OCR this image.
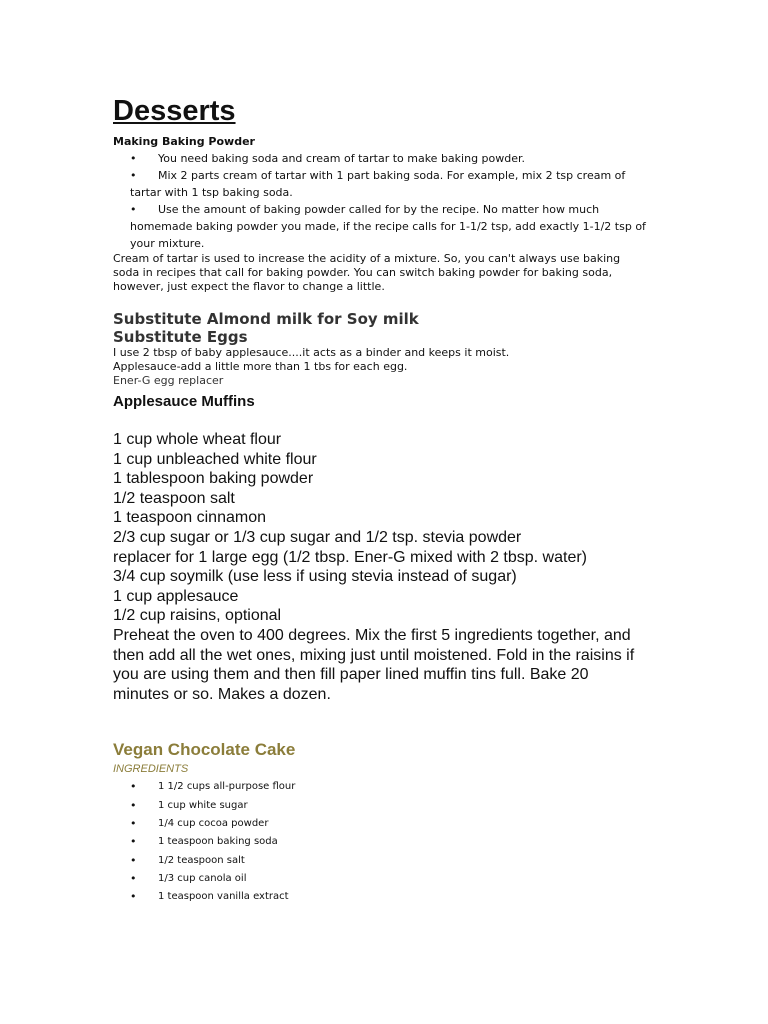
Desserts
Making Baking Powder
• You need baking soda and cream of tartar to make baking powder.
• Mix 2 parts cream of tartar with 1 part baking soda. For example, mix 2 tsp cream of tartar with 1 tsp baking soda.
• Use the amount of baking powder called for by the recipe. No matter how much homemade baking powder you made, if the recipe calls for 1-1/2 tsp, add exactly 1-1/2 tsp of your mixture.
Cream of tartar is used to increase the acidity of a mixture. So, you can't always use baking soda in recipes that call for baking powder. You can switch baking powder for baking soda, however, just expect the flavor to change a little.
Substitute Almond milk for Soy milk
Substitute Eggs
I use 2 tbsp of baby applesauce....it acts as a binder and keeps it moist.
Applesauce-add a little more than 1 tbs for each egg.
Ener-G egg replacer
Applesauce Muffins
1 cup whole wheat flour
1 cup unbleached white flour
1 tablespoon baking powder
1/2 teaspoon salt
1 teaspoon cinnamon
2/3 cup sugar or 1/3 cup sugar and 1/2 tsp. stevia powder
replacer for 1 large egg (1/2 tbsp. Ener-G mixed with 2 tbsp. water)
3/4 cup soymilk (use less if using stevia instead of sugar)
1 cup applesauce
1/2 cup raisins, optional

Preheat the oven to 400 degrees. Mix the first 5 ingredients together, and then add all the wet ones, mixing just until moistened. Fold in the raisins if you are using them and then fill paper lined muffin tins full. Bake 20 minutes or so. Makes a dozen.

Vegan Chocolate Cake
INGREDIENTS
• 1 1/2 cups all-purpose flour
• 1 cup white sugar
• 1/4 cup cocoa powder
• 1 teaspoon baking soda
• 1/2 teaspoon salt
• 1/3 cup canola oil
• 1 teaspoon vanilla extract
